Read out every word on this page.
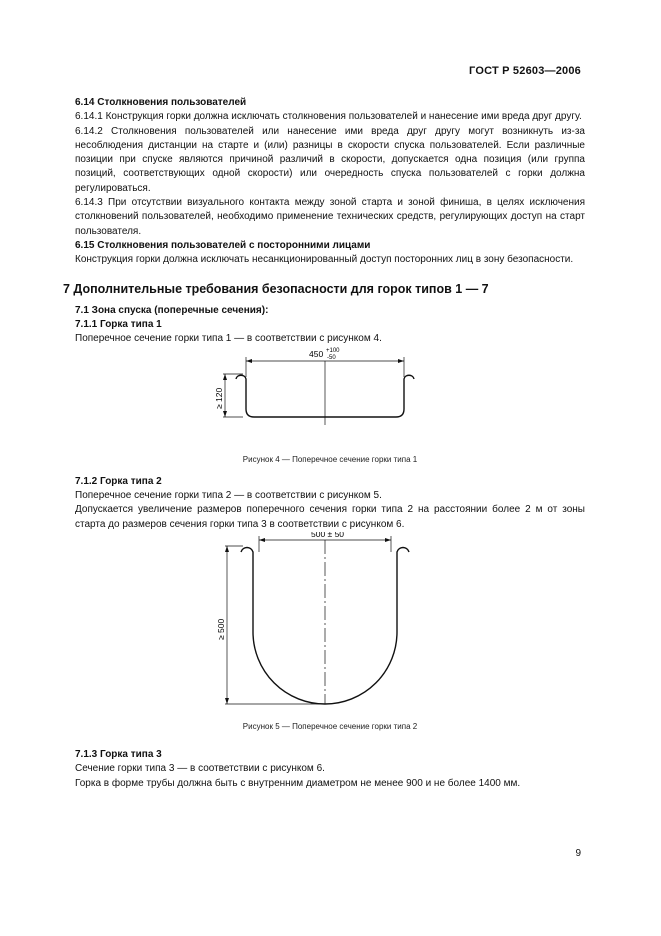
ГОСТ Р 52603—2006

6.14 Столкновения пользователей

6.14.1 Конструкция горки должна исключать столкновения пользователей и нанесение ими вреда друг другу.

6.14.2 Столкновения пользователей или нанесение ими вреда друг другу могут возникнуть из-за несоблюдения дистанции на старте и (или) разницы в скорости спуска пользователей. Если различные позиции при спуске являются причиной различий в скорости, допускается одна позиция (или группа позиций, соответствующих одной скорости) или очередность спуска пользователей с горки должна регулироваться.

6.14.3 При отсутствии визуального контакта между зоной старта и зоной финиша, в целях исключения столкновений пользователей, необходимо применение технических средств, регулирующих доступ на старт пользователя.

6.15 Столкновения пользователей с посторонними лицами

Конструкция горки должна исключать несанкционированный доступ посторонних лиц в зону безопасности.

7 Дополнительные требования безопасности для горок типов 1 — 7

7.1 Зона спуска (поперечные сечения):

7.1.1 Горка типа 1

Поперечное сечение горки типа 1 — в соответствии с рисунком 4.

450 +100
-50
≥ 120
Рисунок 4 — Поперечное сечение горки типа 1

7.1.2 Горка типа 2

Поперечное сечение горки типа 2 — в соответствии с рисунком 5.

Допускается увеличение размеров поперечного сечения горки типа 2 на расстоянии более 2 м от зоны старта до размеров сечения горки типа 3 в соответствии с рисунком 6.

500 ± 50
≥ 500
Рисунок 5 — Поперечное сечение горки типа 2

7.1.3 Горка типа 3

Сечение горки типа 3 — в соответствии с рисунком 6.

Горка в форме трубы должна быть с внутренним диаметром не менее 900 и не более 1400 мм.

9
